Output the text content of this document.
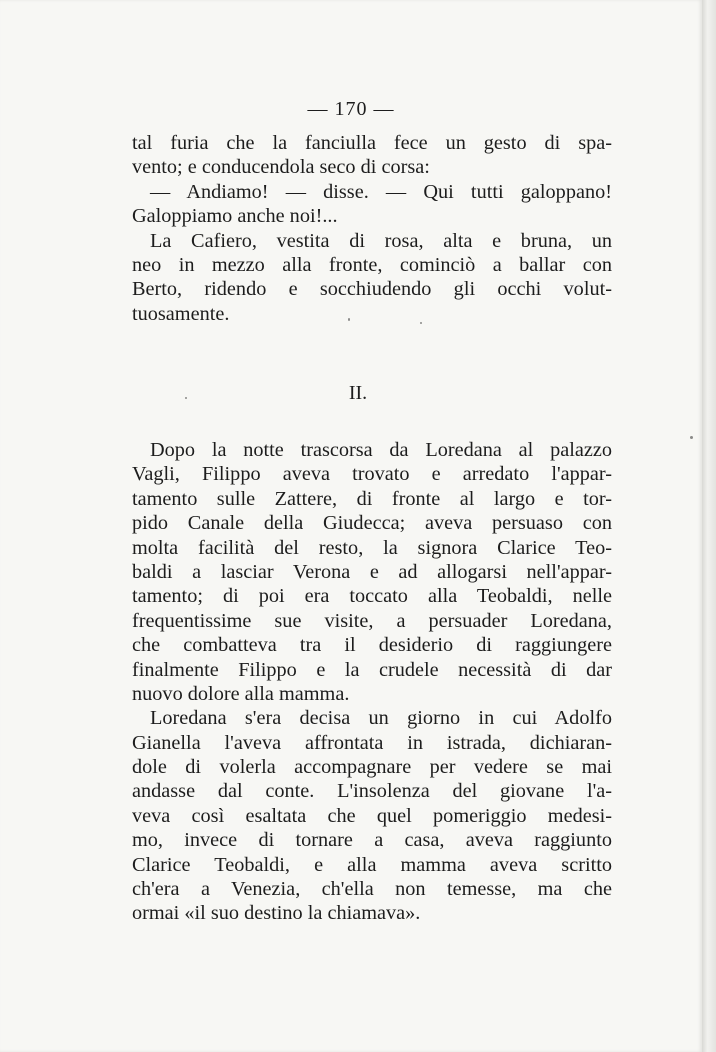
— 170 —
tal furia che la fanciulla fece un gesto di spa-
vento; e conducendola seco di corsa:
— Andiamo! — disse. — Qui tutti galoppano!
Galoppiamo anche noi!...
La Cafiero, vestita di rosa, alta e bruna, un
neo in mezzo alla fronte, cominciò a ballar con
Berto, ridendo e socchiudendo gli occhi volut-
tuosamente.
II.
Dopo la notte trascorsa da Loredana al palazzo
Vagli, Filippo aveva trovato e arredato l'appar-
tamento sulle Zattere, di fronte al largo e tor-
pido Canale della Giudecca; aveva persuaso con
molta facilità del resto, la signora Clarice Teo-
baldi a lasciar Verona e ad allogarsi nell'appar-
tamento; di poi era toccato alla Teobaldi, nelle
frequentissime sue visite, a persuader Loredana,
che combatteva tra il desiderio di raggiungere
finalmente Filippo e la crudele necessità di dar
nuovo dolore alla mamma.
Loredana s'era decisa un giorno in cui Adolfo
Gianella l'aveva affrontata in istrada, dichiaran-
dole di volerla accompagnare per vedere se mai
andasse dal conte. L'insolenza del giovane l'a-
veva così esaltata che quel pomeriggio medesi-
mo, invece di tornare a casa, aveva raggiunto
Clarice Teobaldi, e alla mamma aveva scritto
ch'era a Venezia, ch'ella non temesse, ma che
ormai «il suo destino la chiamava».
